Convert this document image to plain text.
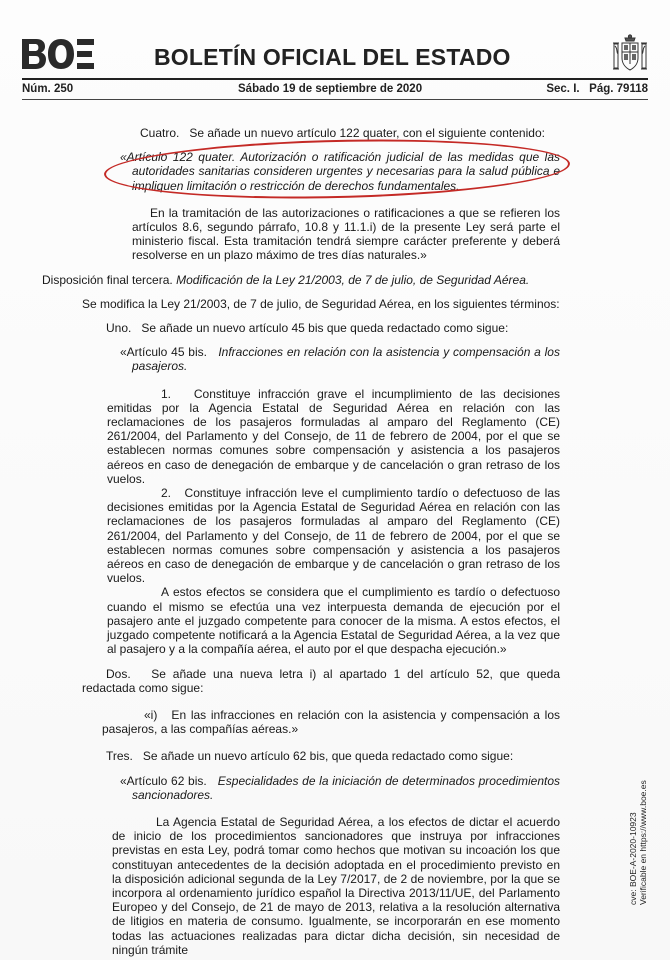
BOLETÍN OFICIAL DEL ESTADO
Núm. 250	Sábado 19 de septiembre de 2020	Sec. I.   Pág. 79118

Cuatro.   Se añade un nuevo artículo 122 quater, con el siguiente contenido:

«Artículo 122 quater. Autorización o ratificación judicial de las medidas que las autoridades sanitarias consideren urgentes y necesarias para la salud pública e impliquen limitación o restricción de derechos fundamentales.

En la tramitación de las autorizaciones o ratificaciones a que se refieren los artículos 8.6, segundo párrafo, 10.8 y 11.1.i) de la presente Ley será parte el ministerio fiscal. Esta tramitación tendrá siempre carácter preferente y deberá resolverse en un plazo máximo de tres días naturales.»

Disposición final tercera. Modificación de la Ley 21/2003, de 7 de julio, de Seguridad Aérea.

Se modifica la Ley 21/2003, de 7 de julio, de Seguridad Aérea, en los siguientes términos:

Uno.   Se añade un nuevo artículo 45 bis que queda redactado como sigue:

«Artículo 45 bis. Infracciones en relación con la asistencia y compensación a los pasajeros.

1.   Constituye infracción grave el incumplimiento de las decisiones emitidas por la Agencia Estatal de Seguridad Aérea en relación con las reclamaciones de los pasajeros formuladas al amparo del Reglamento (CE) 261/2004, del Parlamento y del Consejo, de 11 de febrero de 2004, por el que se establecen normas comunes sobre compensación y asistencia a los pasajeros aéreos en caso de denegación de embarque y de cancelación o gran retraso de los vuelos.

2.   Constituye infracción leve el cumplimiento tardío o defectuoso de las decisiones emitidas por la Agencia Estatal de Seguridad Aérea en relación con las reclamaciones de los pasajeros formuladas al amparo del Reglamento (CE) 261/2004, del Parlamento y del Consejo, de 11 de febrero de 2004, por el que se establecen normas comunes sobre compensación y asistencia a los pasajeros aéreos en caso de denegación de embarque y de cancelación o gran retraso de los vuelos.

A estos efectos se considera que el cumplimiento es tardío o defectuoso cuando el mismo se efectúa una vez interpuesta demanda de ejecución por el pasajero ante el juzgado competente para conocer de la misma. A estos efectos, el juzgado competente notificará a la Agencia Estatal de Seguridad Aérea, a la vez que al pasajero y a la compañía aérea, el auto por el que despacha ejecución.»

Dos.   Se añade una nueva letra i) al apartado 1 del artículo 52, que queda redactada como sigue:

«i)   En las infracciones en relación con la asistencia y compensación a los pasajeros, a las compañías aéreas.»

Tres.   Se añade un nuevo artículo 62 bis, que queda redactado como sigue:

«Artículo 62 bis. Especialidades de la iniciación de determinados procedimientos sancionadores.

La Agencia Estatal de Seguridad Aérea, a los efectos de dictar el acuerdo de inicio de los procedimientos sancionadores que instruya por infracciones previstas en esta Ley, podrá tomar como hechos que motivan su incoación los que constituyan antecedentes de la decisión adoptada en el procedimiento previsto en la disposición adicional segunda de la Ley 7/2017, de 2 de noviembre, por la que se incorpora al ordenamiento jurídico español la Directiva 2013/11/UE, del Parlamento Europeo y del Consejo, de 21 de mayo de 2013, relativa a la resolución alternativa de litigios en materia de consumo. Igualmente, se incorporarán en ese momento todas las actuaciones realizadas para dictar dicha decisión, sin necesidad de ningún trámite

cve: BOE-A-2020-10923 Verificable en https://www.boe.es
